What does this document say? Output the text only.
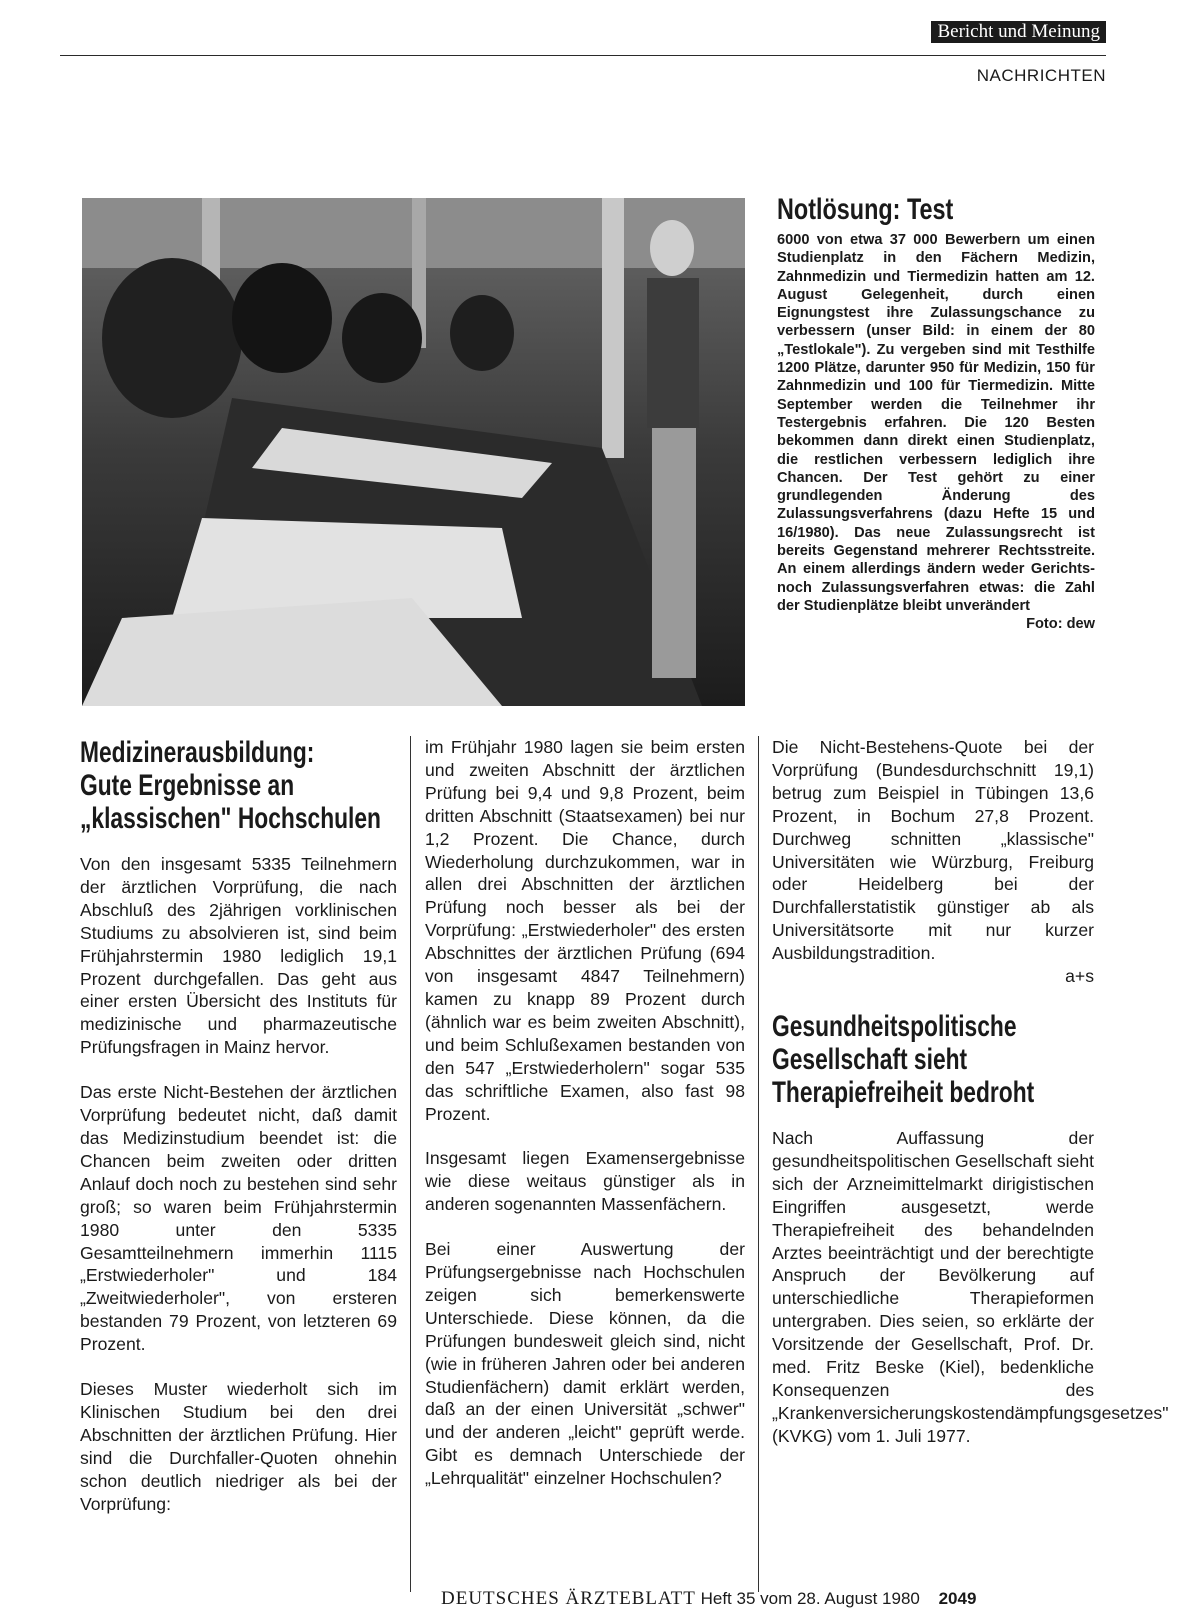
Bericht und Meinung
NACHRICHTEN
Notlösung: Test
6000 von etwa 37 000 Bewerbern um einen Studienplatz in den Fächern Medizin, Zahnmedizin und Tiermedizin hatten am 12. August Gelegenheit, durch einen Eignungstest ihre Zulassungschance zu verbessern (unser Bild: in einem der 80 „Testlokale"). Zu vergeben sind mit Testhilfe 1200 Plätze, darunter 950 für Medizin, 150 für Zahnmedizin und 100 für Tiermedizin. Mitte September werden die Teilnehmer ihr Testergebnis erfahren. Die 120 Besten bekommen dann direkt einen Studienplatz, die restlichen verbessern lediglich ihre Chancen. Der Test gehört zu einer grundlegenden Änderung des Zulassungsverfahrens (dazu Hefte 15 und 16/1980). Das neue Zulassungsrecht ist bereits Gegenstand mehrerer Rechtsstreite. An einem allerdings ändern weder Gerichts- noch Zulassungsverfahren etwas: die Zahl der Studienplätze bleibt unverändert
Foto: dew
Medizinerausbildung:
Gute Ergebnisse an
„klassischen" Hochschulen

Von den insgesamt 5335 Teilnehmern der ärztlichen Vorprüfung, die nach Abschluß des 2jährigen vorklinischen Studiums zu absolvieren ist, sind beim Frühjahrstermin 1980 lediglich 19,1 Prozent durchgefallen. Das geht aus einer ersten Übersicht des Instituts für medizinische und pharmazeutische Prüfungsfragen in Mainz hervor.

Das erste Nicht-Bestehen der ärztlichen Vorprüfung bedeutet nicht, daß damit das Medizinstudium beendet ist: die Chancen beim zweiten oder dritten Anlauf doch noch zu bestehen sind sehr groß; so waren beim Frühjahrstermin 1980 unter den 5335 Gesamtteilnehmern immerhin 1115 „Erstwiederholer" und 184 „Zweitwiederholer", von ersteren bestanden 79 Prozent, von letzteren 69 Prozent.

Dieses Muster wiederholt sich im Klinischen Studium bei den drei Abschnitten der ärztlichen Prüfung. Hier sind die Durchfaller-Quoten ohnehin schon deutlich niedriger als bei der Vorprüfung:

im Frühjahr 1980 lagen sie beim ersten und zweiten Abschnitt der ärztlichen Prüfung bei 9,4 und 9,8 Prozent, beim dritten Abschnitt (Staatsexamen) bei nur 1,2 Prozent. Die Chance, durch Wiederholung durchzukommen, war in allen drei Abschnitten der ärztlichen Prüfung noch besser als bei der Vorprüfung: „Erstwiederholer" des ersten Abschnittes der ärztlichen Prüfung (694 von insgesamt 4847 Teilnehmern) kamen zu knapp 89 Prozent durch (ähnlich war es beim zweiten Abschnitt), und beim Schlußexamen bestanden von den 547 „Erstwiederholern" sogar 535 das schriftliche Examen, also fast 98 Prozent.

Insgesamt liegen Examensergebnisse wie diese weitaus günstiger als in anderen sogenannten Massenfächern.

Bei einer Auswertung der Prüfungsergebnisse nach Hochschulen zeigen sich bemerkenswerte Unterschiede. Diese können, da die Prüfungen bundesweit gleich sind, nicht (wie in früheren Jahren oder bei anderen Studienfächern) damit erklärt werden, daß an der einen Universität „schwer" und der anderen „leicht" geprüft werde. Gibt es demnach Unterschiede der „Lehrqualität" einzelner Hochschulen?

Die Nicht-Bestehens-Quote bei der Vorprüfung (Bundesdurchschnitt 19,1) betrug zum Beispiel in Tübingen 13,6 Prozent, in Bochum 27,8 Prozent. Durchweg schnitten „klassische" Universitäten wie Würzburg, Freiburg oder Heidelberg bei der Durchfallerstatistik günstiger ab als Universitätsorte mit nur kurzer Ausbildungstradition.

a+s

Gesundheitspolitische
Gesellschaft sieht
Therapiefreiheit bedroht

Nach Auffassung der gesundheitspolitischen Gesellschaft sieht sich der Arzneimittelmarkt dirigistischen Eingriffen ausgesetzt, werde Therapiefreiheit des behandelnden Arztes beeinträchtigt und der berechtigte Anspruch der Bevölkerung auf unterschiedliche Therapieformen untergraben. Dies seien, so erklärte der Vorsitzende der Gesellschaft, Prof. Dr. med. Fritz Beske (Kiel), bedenkliche Konsequenzen des „Krankenversicherungskostendämpfungsgesetzes" (KVKG) vom 1. Juli 1977.

DEUTSCHES ÄRZTEBLATT Heft 35 vom 28. August 1980 2049
